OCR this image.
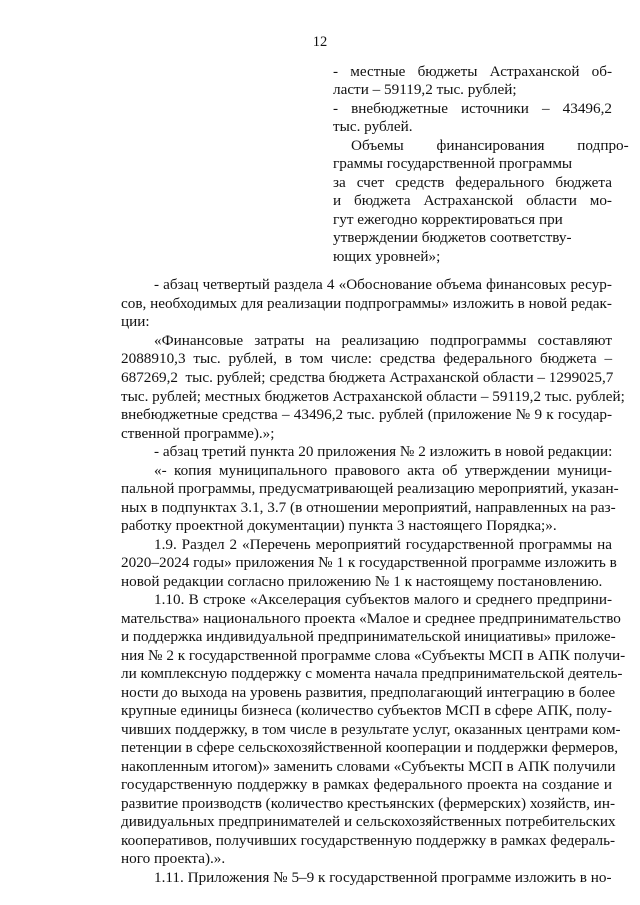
12
- местные бюджеты Астраханской об-
ласти – 59119,2 тыс. рублей;
- внебюджетные источники – 43496,2
тыс. рублей.
Объемы      финансирования      подпро-
граммы государственной программы
за счет средств федерального бюджета
и бюджета Астраханской области мо-
гут ежегодно корректироваться при
утверждении бюджетов соответству-
ющих уровней»;
- абзац четвертый раздела 4 «Обоснование объема финансовых ресур-
сов, необходимых для реализации подпрограммы» изложить в новой редак-
ции:
«Финансовые затраты на реализацию подпрограммы составляют
2088910,3 тыс. рублей, в том числе: средства федерального бюджета –
687269,2  тыс. рублей; средства бюджета Астраханской области – 1299025,7
тыс. рублей; местных бюджетов Астраханской области – 59119,2 тыс. рублей;
внебюджетные средства – 43496,2 тыс. рублей (приложение № 9 к государ-
ственной программе).»;
- абзац третий пункта 20 приложения № 2 изложить в новой редакции:
«- копия муниципального правового акта об утверждении муници-
пальной программы, предусматривающей реализацию мероприятий, указан-
ных в подпунктах 3.1, 3.7 (в отношении мероприятий, направленных на раз-
работку проектной документации) пункта 3 настоящего Порядка;».
1.9. Раздел 2 «Перечень мероприятий государственной программы на
2020–2024 годы» приложения № 1 к государственной программе изложить в
новой редакции согласно приложению № 1 к настоящему постановлению.
1.10. В строке «Акселерация субъектов малого и среднего предприни-
мательства» национального проекта «Малое и среднее предпринимательство
и поддержка индивидуальной предпринимательской инициативы» приложе-
ния № 2 к государственной программе слова «Субъекты МСП в АПК получи-
ли комплексную поддержку с момента начала предпринимательской деятель-
ности до выхода на уровень развития, предполагающий интеграцию в более
крупные единицы бизнеса (количество субъектов МСП в сфере АПК, полу-
чивших поддержку, в том числе в результате услуг, оказанных центрами ком-
петенции в сфере сельскохозяйственной кооперации и поддержки фермеров,
накопленным итогом)» заменить словами «Субъекты МСП в АПК получили
государственную поддержку в рамках федерального проекта на создание и
развитие производств (количество крестьянских (фермерских) хозяйств, ин-
дивидуальных предпринимателей и сельскохозяйственных потребительских
кооперативов, получивших государственную поддержку в рамках федераль-
ного проекта).».
1.11. Приложения № 5–9 к государственной программе изложить в но-
